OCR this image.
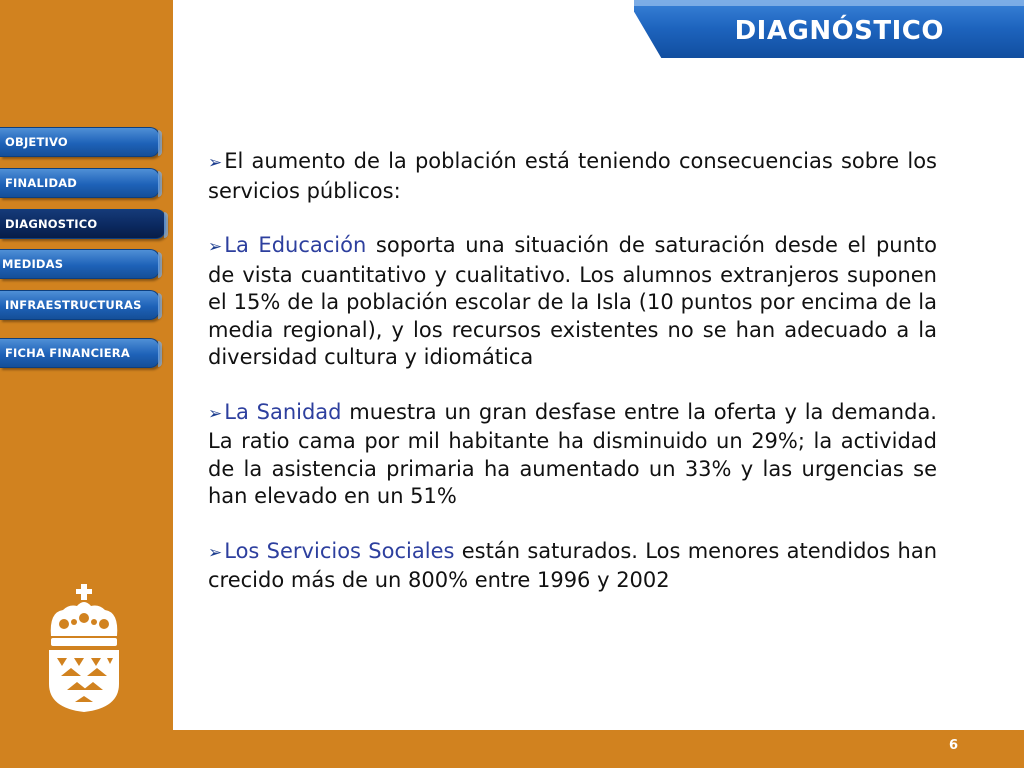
6
DIAGNÓSTICO
OBJETIVO
FINALIDAD
DIAGNOSTICO
MEDIDAS
INFRAESTRUCTURAS
FICHA FINANCIERA

➢El aumento de la población está teniendo consecuencias sobre los servicios públicos:

➢La Educación soporta una situación de saturación desde el punto de vista cuantitativo y cualitativo. Los alumnos extranjeros suponen el 15% de la población escolar de la Isla (10 puntos por encima de la media regional), y los recursos existentes no se han adecuado a la diversidad cultura y idiomática

➢La Sanidad muestra un gran desfase entre la oferta y la demanda. La ratio cama por mil habitante ha disminuido un 29%; la actividad de la asistencia primaria ha aumentado un 33% y las urgencias se han elevado en un 51%

➢Los Servicios Sociales están saturados. Los menores atendidos han crecido más de un 800% entre 1996 y 2002
